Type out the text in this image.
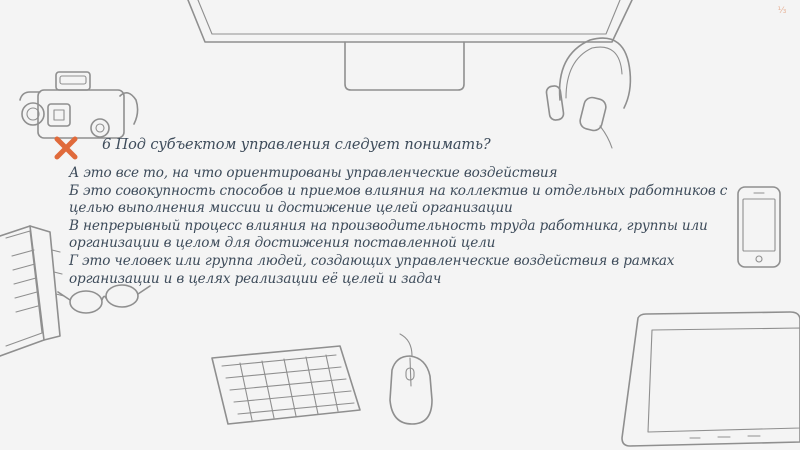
6 Под субъектом управления следует понимать?

А это все то, на что ориентированы управленческие воздействия
Б это совокупность способов и приемов влияния на коллектив и отдельных работников с целью выполнения миссии и достижение целей организации
В непрерывный процесс влияния на производительность труда работника, группы или организации в целом для достижения поставленной цели
Г это человек или группа людей, создающих управленческие воздействия в рамках организации и в целях реализации её целей и задач
⅓
